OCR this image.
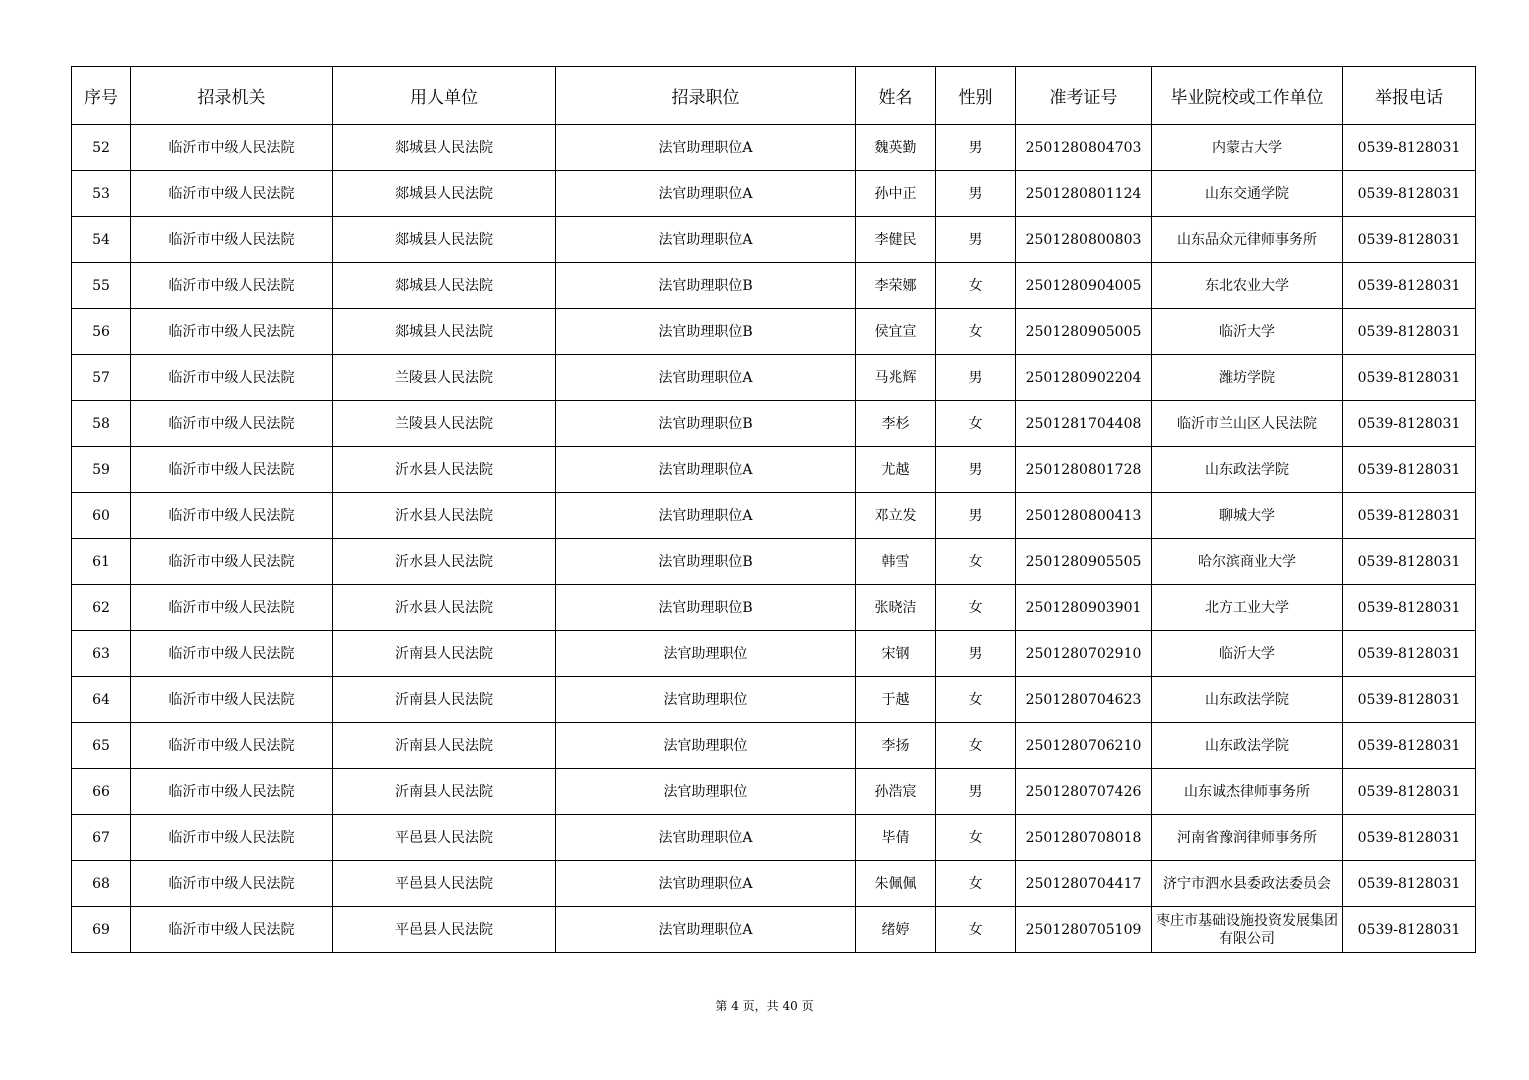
序号	招录机关	用人单位	招录职位	姓名	性别	准考证号	毕业院校或工作单位	举报电话
52	临沂市中级人民法院	郯城县人民法院	法官助理职位A	魏英勤	男	2501280804703	内蒙古大学	0539-8128031
53	临沂市中级人民法院	郯城县人民法院	法官助理职位A	孙中正	男	2501280801124	山东交通学院	0539-8128031
54	临沂市中级人民法院	郯城县人民法院	法官助理职位A	李健民	男	2501280800803	山东品众元律师事务所	0539-8128031
55	临沂市中级人民法院	郯城县人民法院	法官助理职位B	李荣娜	女	2501280904005	东北农业大学	0539-8128031
56	临沂市中级人民法院	郯城县人民法院	法官助理职位B	侯宜宣	女	2501280905005	临沂大学	0539-8128031
57	临沂市中级人民法院	兰陵县人民法院	法官助理职位A	马兆辉	男	2501280902204	潍坊学院	0539-8128031
58	临沂市中级人民法院	兰陵县人民法院	法官助理职位B	李杉	女	2501281704408	临沂市兰山区人民法院	0539-8128031
59	临沂市中级人民法院	沂水县人民法院	法官助理职位A	尤越	男	2501280801728	山东政法学院	0539-8128031
60	临沂市中级人民法院	沂水县人民法院	法官助理职位A	邓立发	男	2501280800413	聊城大学	0539-8128031
61	临沂市中级人民法院	沂水县人民法院	法官助理职位B	韩雪	女	2501280905505	哈尔滨商业大学	0539-8128031
62	临沂市中级人民法院	沂水县人民法院	法官助理职位B	张晓洁	女	2501280903901	北方工业大学	0539-8128031
63	临沂市中级人民法院	沂南县人民法院	法官助理职位	宋钢	男	2501280702910	临沂大学	0539-8128031
64	临沂市中级人民法院	沂南县人民法院	法官助理职位	于越	女	2501280704623	山东政法学院	0539-8128031
65	临沂市中级人民法院	沂南县人民法院	法官助理职位	李扬	女	2501280706210	山东政法学院	0539-8128031
66	临沂市中级人民法院	沂南县人民法院	法官助理职位	孙浩宸	男	2501280707426	山东诚杰律师事务所	0539-8128031
67	临沂市中级人民法院	平邑县人民法院	法官助理职位A	毕倩	女	2501280708018	河南省豫润律师事务所	0539-8128031
68	临沂市中级人民法院	平邑县人民法院	法官助理职位A	朱佩佩	女	2501280704417	济宁市泗水县委政法委员会	0539-8128031
69	临沂市中级人民法院	平邑县人民法院	法官助理职位A	绪婷	女	2501280705109	枣庄市基础设施投资发展集团有限公司	0539-8128031
第 4 页，共 40 页
